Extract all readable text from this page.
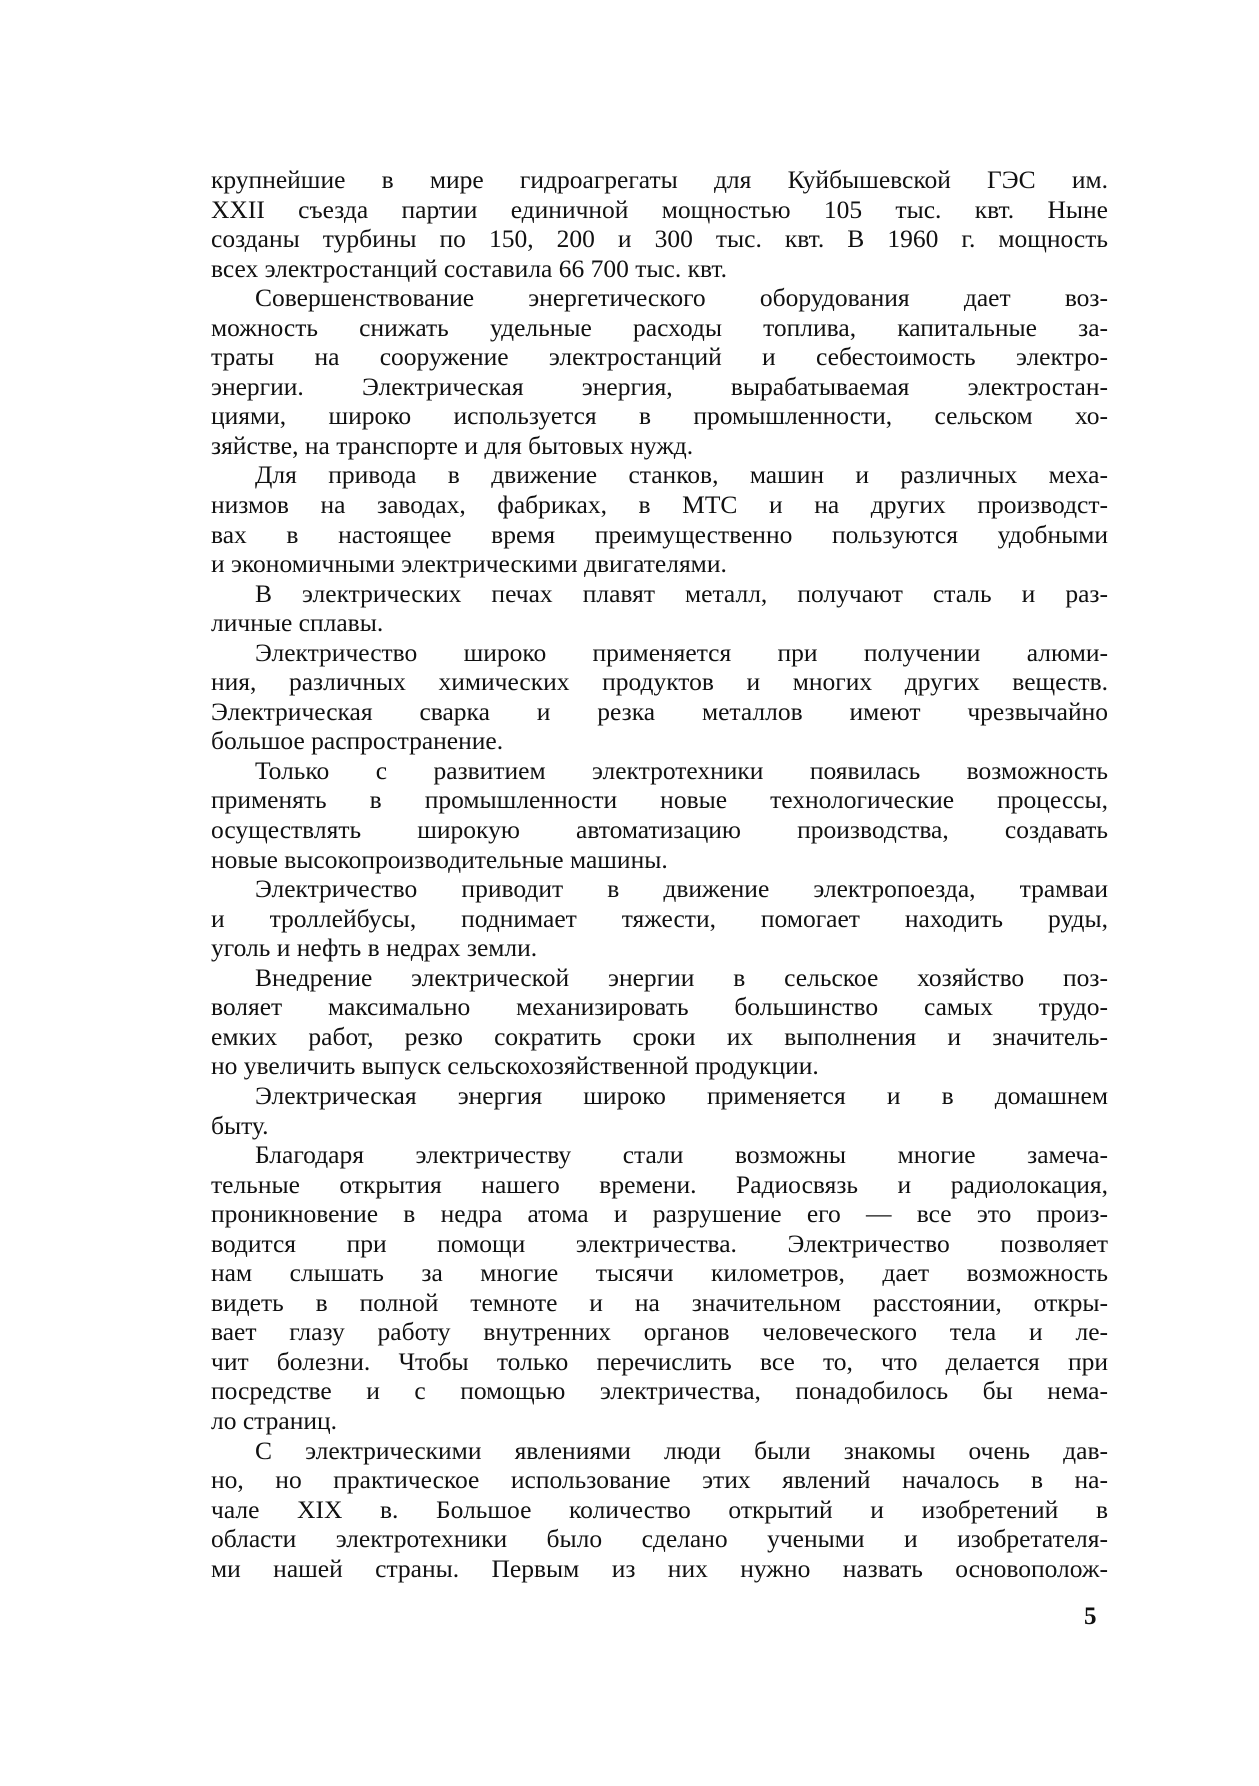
крупнейшие в мире гидроагрегаты для Куйбышевской ГЭС им.
XXII съезда партии единичной мощностью 105 тыс. квт. Ныне
созданы турбины по 150, 200 и 300 тыс. квт. В 1960 г. мощность
всех электростанций составила 66 700 тыс. квт.
Совершенствование энергетического оборудования дает воз-
можность снижать удельные расходы топлива, капитальные за-
траты на сооружение электростанций и себестоимость электро-
энергии. Электрическая энергия, вырабатываемая электростан-
циями, широко используется в промышленности, сельском хо-
зяйстве, на транспорте и для бытовых нужд.
Для привода в движение станков, машин и различных меха-
низмов на заводах, фабриках, в МТС и на других производст-
вах в настоящее время преимущественно пользуются удобными
и экономичными электрическими двигателями.
В электрических печах плавят металл, получают сталь и раз-
личные сплавы.
Электричество широко применяется при получении алюми-
ния, различных химических продуктов и многих других веществ.
Электрическая сварка и резка металлов имеют чрезвычайно
большое распространение.
Только с развитием электротехники появилась возможность
применять в промышленности новые технологические процессы,
осуществлять широкую автоматизацию производства, создавать
новые высокопроизводительные машины.
Электричество приводит в движение электропоезда, трамваи
и троллейбусы, поднимает тяжести, помогает находить руды,
уголь и нефть в недрах земли.
Внедрение электрической энергии в сельское хозяйство поз-
воляет максимально механизировать большинство самых трудо-
емких работ, резко сократить сроки их выполнения и значитель-
но увеличить выпуск сельскохозяйственной продукции.
Электрическая энергия широко применяется и в домашнем
быту.
Благодаря электричеству стали возможны многие замеча-
тельные открытия нашего времени. Радиосвязь и радиолокация,
проникновение в недра атома и разрушение его — все это произ-
водится при помощи электричества. Электричество позволяет
нам слышать за многие тысячи километров, дает возможность
видеть в полной темноте и на значительном расстоянии, откры-
вает глазу работу внутренних органов человеческого тела и ле-
чит болезни. Чтобы только перечислить все то, что делается при
посредстве и с помощью электричества, понадобилось бы нема-
ло страниц.
С электрическими явлениями люди были знакомы очень дав-
но, но практическое использование этих явлений началось в на-
чале XIX в. Большое количество открытий и изобретений в
области электротехники было сделано учеными и изобретателя-
ми нашей страны. Первым из них нужно назвать основополож-
5
